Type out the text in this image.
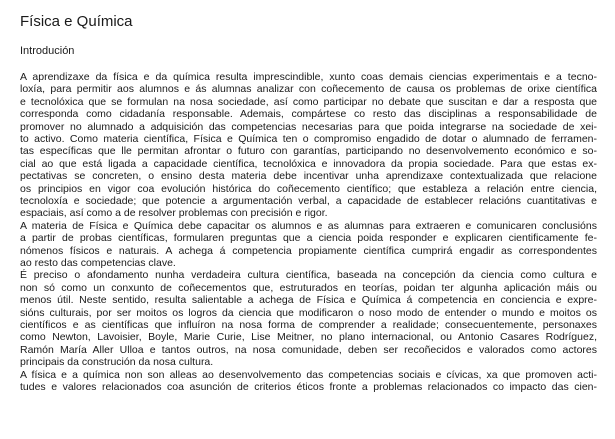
Física e Química
Introdución

A aprendizaxe da física e da química resulta imprescindible, xunto coas demais ciencias experimentais e a tecno-

loxía, para permitir aos alumnos e ás alumnas analizar con coñecemento de causa os problemas de orixe científica

e tecnolóxica que se formulan na nosa sociedade, así como participar no debate que suscitan e dar a resposta que

corresponda como cidadanía responsable. Ademais, compártese co resto das disciplinas a responsabilidade de

promover no alumnado a adquisición das competencias necesarias para que poida integrarse na sociedade de xei-

to activo. Como materia científica, Física e Química ten o compromiso engadido de dotar o alumnado de ferramen-

tas específicas que lle permitan afrontar o futuro con garantías, participando no desenvolvemento económico e so-

cial ao que está ligada a capacidade científica, tecnolóxica e innovadora da propia sociedade. Para que estas ex-

pectativas se concreten, o ensino desta materia debe incentivar unha aprendizaxe contextualizada que relacione

os principios en vigor coa evolución histórica do coñecemento científico; que estableza a relación entre ciencia,

tecnoloxía e sociedade; que potencie a argumentación verbal, a capacidade de establecer relacións cuantitativas e

espaciais, así como a de resolver problemas con precisión e rigor.

A materia de Física e Química debe capacitar os alumnos e as alumnas para extraeren e comunicaren conclusións

a partir de probas científicas, formularen preguntas que a ciencia poida responder e explicaren cientificamente fe-

nómenos físicos e naturais. A achega á competencia propiamente científica cumprirá engadir as correspondentes

ao resto das competencias clave.

É preciso o afondamento nunha verdadeira cultura científica, baseada na concepción da ciencia como cultura e

non só como un conxunto de coñecementos que, estruturados en teorías, poidan ter algunha aplicación máis ou

menos útil. Neste sentido, resulta salientable a achega de Física e Química á competencia en conciencia e expre-

sións culturais, por ser moitos os logros da ciencia que modificaron o noso modo de entender o mundo e moitos os

científicos e as científicas que influíron na nosa forma de comprender a realidade; consecuentemente, personaxes

como Newton, Lavoisier, Boyle, Marie Curie, Lise Meitner, no plano internacional, ou Antonio Casares Rodríguez,

Ramón María Aller Ulloa e tantos outros, na nosa comunidade, deben ser recoñecidos e valorados como actores

principais da construción da nosa cultura.

A física e a química non son alleas ao desenvolvemento das competencias sociais e cívicas, xa que promoven acti-

tudes e valores relacionados coa asunción de criterios éticos fronte a problemas relacionados co impacto das cien-
